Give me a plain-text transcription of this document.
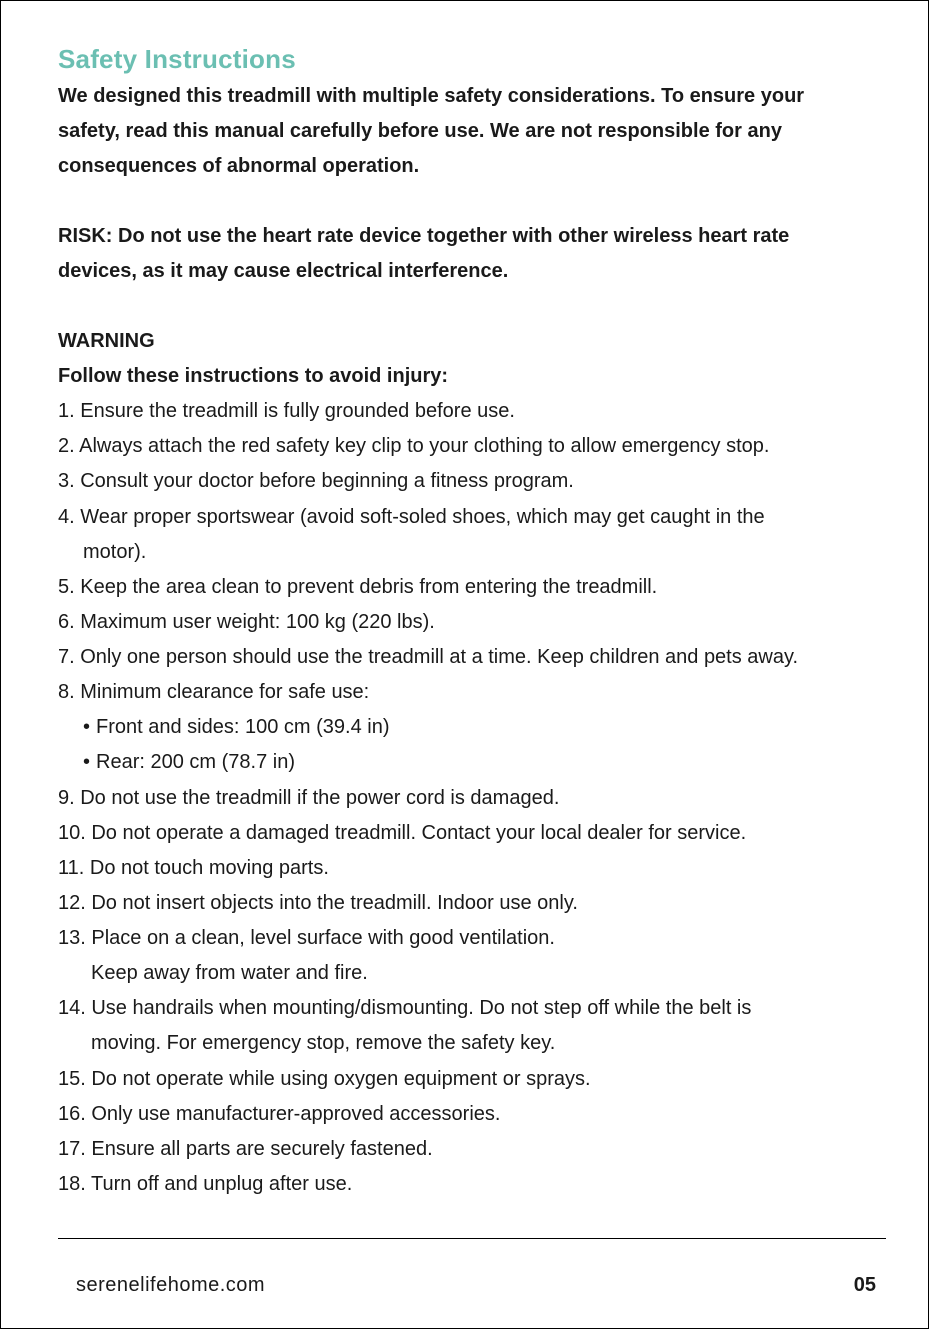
Safety Instructions
We designed this treadmill with multiple safety considerations. To ensure your
safety, read this manual carefully before use. We are not responsible for any
consequences of abnormal operation.
RISK: Do not use the heart rate device together with other wireless heart rate
devices, as it may cause electrical interference.
WARNING
Follow these instructions to avoid injury:
1. Ensure the treadmill is fully grounded before use.
2. Always attach the red safety key clip to your clothing to allow emergency stop.
3. Consult your doctor before beginning a fitness program.
4. Wear proper sportswear (avoid soft-soled shoes, which may get caught in the
motor).
5. Keep the area clean to prevent debris from entering the treadmill.
6. Maximum user weight: 100 kg (220 lbs).
7. Only one person should use the treadmill at a time. Keep children and pets away.
8. Minimum clearance for safe use:
• Front and sides: 100 cm (39.4 in)
• Rear: 200 cm (78.7 in)
9. Do not use the treadmill if the power cord is damaged.
10. Do not operate a damaged treadmill. Contact your local dealer for service.
11. Do not touch moving parts.
12. Do not insert objects into the treadmill. Indoor use only.
13. Place on a clean, level surface with good ventilation.
Keep away from water and fire.
14. Use handrails when mounting/dismounting. Do not step off while the belt is
moving. For emergency stop, remove the safety key.
15. Do not operate while using oxygen equipment or sprays.
16. Only use manufacturer-approved accessories.
17. Ensure all parts are securely fastened.
18. Turn off and unplug after use.
serenelifehome.com	05
